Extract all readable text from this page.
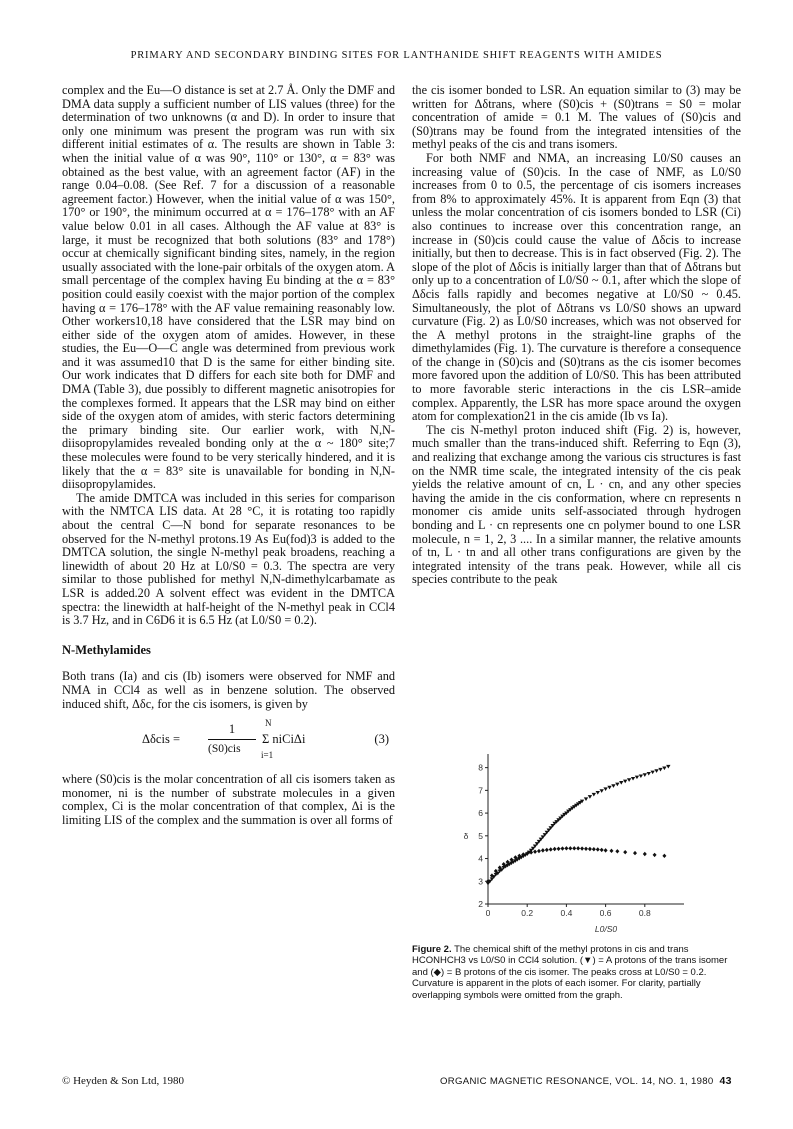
PRIMARY AND SECONDARY BINDING SITES FOR LANTHANIDE SHIFT REAGENTS WITH AMIDES

complex and the Eu—O distance is set at 2.7 Å. Only the DMF and DMA data supply a sufficient number of LIS values (three) for the determination of two unknowns (α and D). In order to insure that only one minimum was present the program was run with six different initial estimates of α. The results are shown in Table 3: when the initial value of α was 90°, 110° or 130°, α = 83° was obtained as the best value, with an agreement factor (AF) in the range 0.04–0.08. (See Ref. 7 for a discussion of a reasonable agreement factor.) However, when the initial value of α was 150°, 170° or 190°, the minimum occurred at α = 176–178° with an AF value below 0.01 in all cases. Although the AF value at 83° is large, it must be recognized that both solutions (83° and 178°) occur at chemically significant binding sites, namely, in the region usually associated with the lone-pair orbitals of the oxygen atom. A small percentage of the complex having Eu binding at the α = 83° position could easily coexist with the major portion of the complex having α = 176–178° with the AF value remaining reasonably low. Other workers10,18 have considered that the LSR may bind on either side of the oxygen atom of amides. However, in these studies, the Eu—O—C angle was determined from previous work and it was assumed10 that D is the same for either binding site. Our work indicates that D differs for each site both for DMF and DMA (Table 3), due possibly to different magnetic anisotropies for the complexes formed. It appears that the LSR may bind on either side of the oxygen atom of amides, with steric factors determining the primary binding site. Our earlier work, with N,N-diisopropylamides revealed bonding only at the α ~ 180° site;7 these molecules were found to be very sterically hindered, and it is likely that the α = 83° site is unavailable for bonding in N,N-diisopropylamides.

The amide DMTCA was included in this series for comparison with the NMTCA LIS data. At 28 °C, it is rotating too rapidly about the central C—N bond for separate resonances to be observed for the N-methyl protons.19 As Eu(fod)3 is added to the DMTCA solution, the single N-methyl peak broadens, reaching a linewidth of about 20 Hz at L0/S0 = 0.3. The spectra are very similar to those published for methyl N,N-dimethylcarbamate as LSR is added.20 A solvent effect was evident in the DMTCA spectra: the linewidth at half-height of the N-methyl peak in CCl4 is 3.7 Hz, and in C6D6 it is 6.5 Hz (at L0/S0 = 0.2).

N-Methylamides

Both trans (Ia) and cis (Ib) isomers were observed for NMF and NMA in CCl4 as well as in benzene solution. The observed induced shift, Δδc, for the cis isomers, is given by

Δδcis =
1
(S0)cis
N
Σ niCiΔi
i=1
(3)

where (S0)cis is the molar concentration of all cis isomers taken as monomer, ni is the number of substrate molecules in a given complex, Ci is the molar concentration of that complex, Δi is the limiting LIS of the complex and the summation is over all forms of

the cis isomer bonded to LSR. An equation similar to (3) may be written for Δδtrans, where (S0)cis + (S0)trans = S0 = molar concentration of amide = 0.1 M. The values of (S0)cis and (S0)trans may be found from the integrated intensities of the methyl peaks of the cis and trans isomers.

For both NMF and NMA, an increasing L0/S0 causes an increasing value of (S0)cis. In the case of NMF, as L0/S0 increases from 0 to 0.5, the percentage of cis isomers increases from 8% to approximately 45%. It is apparent from Eqn (3) that unless the molar concentration of cis isomers bonded to LSR (Ci) also continues to increase over this concentration range, an increase in (S0)cis could cause the value of Δδcis to increase initially, but then to decrease. This is in fact observed (Fig. 2). The slope of the plot of Δδcis is initially larger than that of Δδtrans but only up to a concentration of L0/S0 ~ 0.1, after which the slope of Δδcis falls rapidly and becomes negative at L0/S0 ~ 0.45. Simultaneously, the plot of Δδtrans vs L0/S0 shows an upward curvature (Fig. 2) as L0/S0 increases, which was not observed for the A methyl protons in the straight-line graphs of the dimethylamides (Fig. 1). The curvature is therefore a consequence of the change in (S0)cis and (S0)trans as the cis isomer becomes more favored upon the addition of L0/S0. This has been attributed to more favorable steric interactions in the cis LSR–amide complex. Apparently, the LSR has more space around the oxygen atom for complexation21 in the cis amide (Ib vs Ia).

The cis N-methyl proton induced shift (Fig. 2) is, however, much smaller than the trans-induced shift. Referring to Eqn (3), and realizing that exchange among the various cis structures is fast on the NMR time scale, the integrated intensity of the cis peak yields the relative amount of cn, L · cn, and any other species having the amide in the cis conformation, where cn represents n monomer cis amide units self-associated through hydrogen bonding and L · cn represents one cn polymer bound to one LSR molecule, n = 1, 2, 3 .... In a similar manner, the relative amounts of tn, L · tn and all other trans configurations are given by the integrated intensity of the trans peak. However, while all cis species contribute to the peak

0	0.2	0.4	0.6	0.8
2
3
4
5
6
7
8
L0/S0
δ
Figure 2. The chemical shift of the methyl protons in cis and trans HCONHCH3 vs L0/S0 in CCl4 solution. (▼) = A protons of the trans isomer and (◆) = B protons of the cis isomer. The peaks cross at L0/S0 = 0.2. Curvature is apparent in the plots of each isomer. For clarity, partially overlapping symbols were omitted from the graph.
© Heyden & Son Ltd, 1980	ORGANIC MAGNETIC RESONANCE, VOL. 14, NO. 1, 1980 43
